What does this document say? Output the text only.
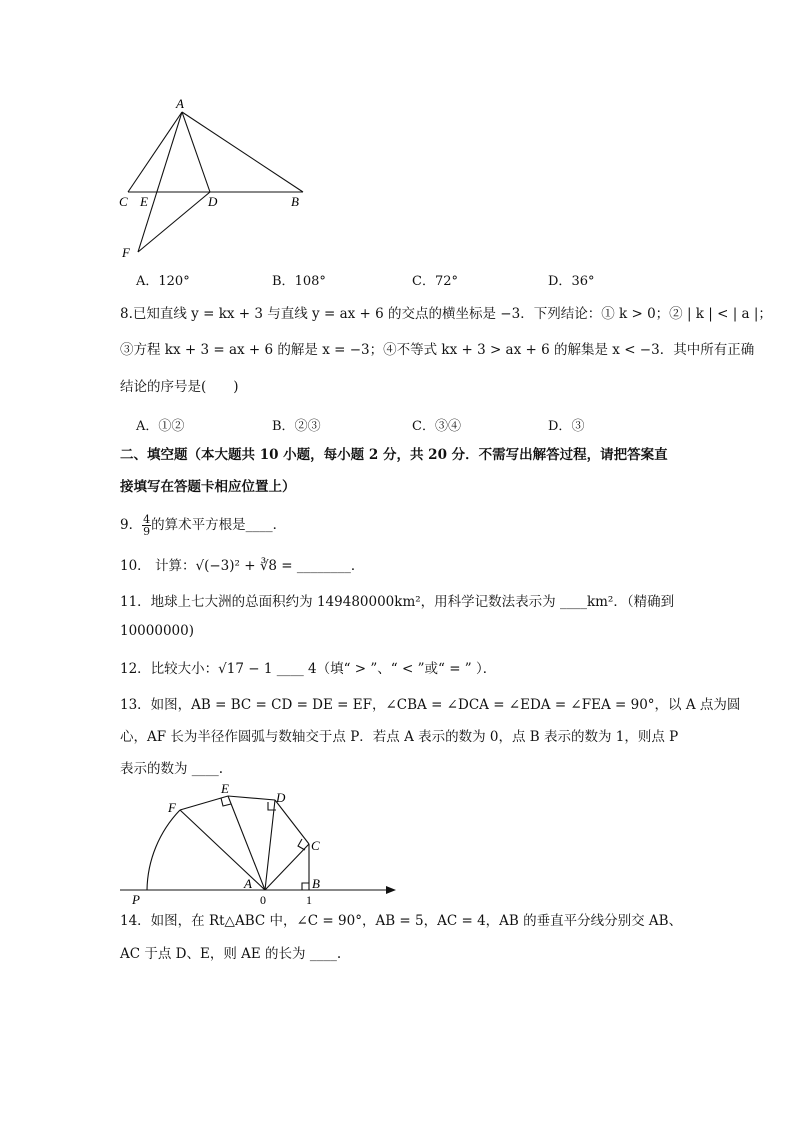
A
C E	D	B
F
A．120°	B．108°	C．72°	D．36°
8.已知直线 y = kx + 3 与直线 y = ax + 6 的交点的横坐标是 −3．下列结论：① k > 0；② | k | < | a |；
③方程 kx + 3 = ax + 6 的解是 x = −3；④不等式 kx + 3 > ax + 6 的解集是 x < −3．其中所有正确
结论的序号是(　　)
A．①②	B．②③	C．③④	D．③
二、填空题（本大题共 10 小题，每小题 2 分，共 20 分．不需写出解答过程，请把答案直
接填写在答题卡相应位置上）
9． $\frac{4}{9}$ 的算术平方根是____．
10． 计算：√(−3)² + ∛8 = ________．
11．地球上七大洲的总面积约为 149480000km²，用科学记数法表示为 ____km²．（精确到
10000000)
12．比较大小：√17 − 1 ____ 4（填“ > ”、“ < ”或“ = ” ）．
13．如图，AB = BC = CD = DE = EF，∠CBA = ∠DCA = ∠EDA = ∠FEA = 90°，以 A 点为圆
心，AF 长为半径作圆弧与数轴交于点 P．若点 A 表示的数为 0，点 B 表示的数为 1，则点 P
表示的数为 ____.
F
E
D
C
A	B
P	0	1
14．如图，在 Rt△ABC 中，∠C = 90°，AB = 5，AC = 4，AB 的垂直平分线分别交 AB、
AC 于点 D、E，则 AE 的长为 ____.
